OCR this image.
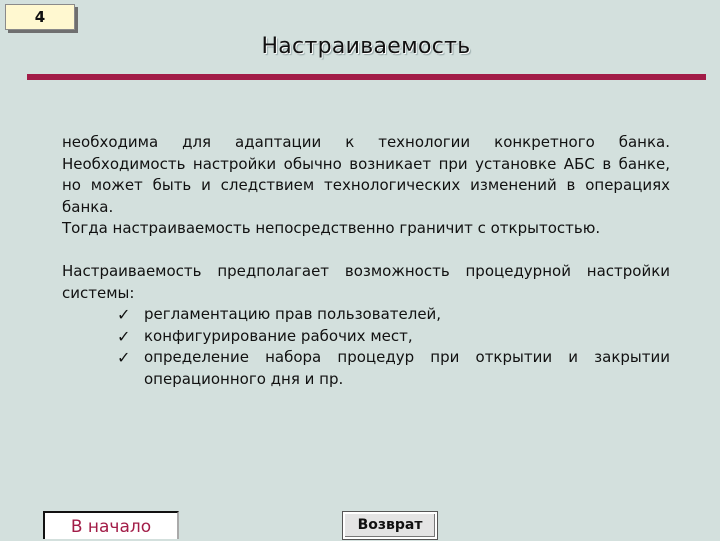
4
Настраиваемость

необходима для адаптации к технологии конкретного банка. Необходимость настройки обычно возникает при установке АБС в банке, но может быть и следствием технологических изменений в операциях банка.

Тогда настраиваемость непосредственно граничит с открытостью.

Настраиваемость предполагает возможность процедурной настройки системы:

✓ регламентацию прав пользователей,
✓ конфигурирование рабочих мест,
✓ определение набора процедур при открытии и закрытии операционного дня и пр.
В начало	Возврат
